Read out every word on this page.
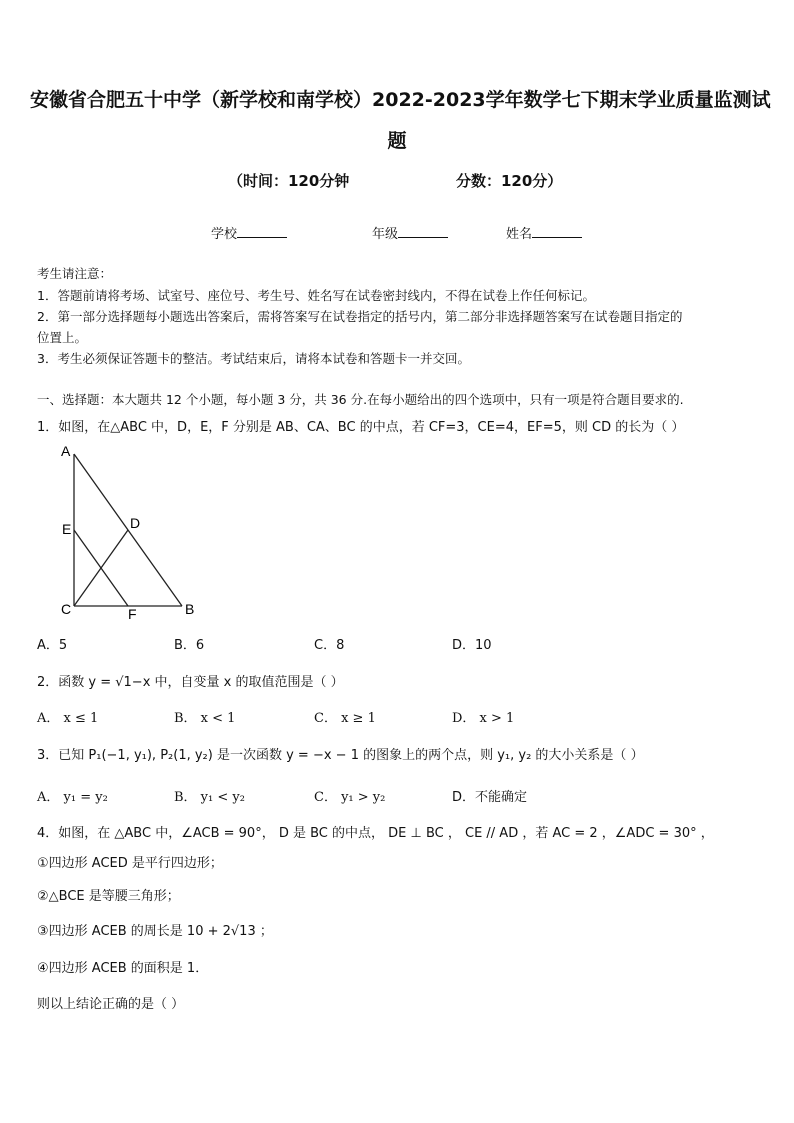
安徽省合肥五十中学（新学校和南学校）2022-2023学年数学七下期末学业质量监测试
题
（时间：120分钟	分数：120分）
学校	年级	姓名
考生请注意：
1．答题前请将考场、试室号、座位号、考生号、姓名写在试卷密封线内，不得在试卷上作任何标记。
2．第一部分选择题每小题选出答案后，需将答案写在试卷指定的括号内，第二部分非选择题答案写在试卷题目指定的
位置上。
3．考生必须保证答题卡的整洁。考试结束后，请将本试卷和答题卡一并交回。
一、选择题：本大题共 12 个小题，每小题 3 分，共 36 分.在每小题给出的四个选项中，只有一项是符合题目要求的.
1．如图，在△ABC 中，D，E，F 分别是 AB、CA、BC 的中点，若 CF=3，CE=4，EF=5，则 CD 的长为（ ）
A
E	D
C	F	B
A．5	B．6	C．8	D．10
2．函数 y = √1−x 中，自变量 x 的取值范围是（ ）
A． x ≤ 1	B． x < 1	C． x ≥ 1	D． x > 1
3．已知 P₁(−1, y₁), P₂(1, y₂) 是一次函数 y = −x − 1 的图象上的两个点，则 y₁, y₂ 的大小关系是（ ）
A． y₁ = y₂	B． y₁ < y₂	C． y₁ > y₂	D．不能确定
4．如图，在 △ABC 中，∠ACB = 90°， D 是 BC 的中点， DE ⊥ BC ， CE // AD ，若 AC = 2 ，∠ADC = 30° ，
①四边形 ACED 是平行四边形；
②△BCE 是等腰三角形；
③四边形 ACEB 的周长是 10 + 2√13 ；
④四边形 ACEB 的面积是 1．
则以上结论正确的是（ ）
